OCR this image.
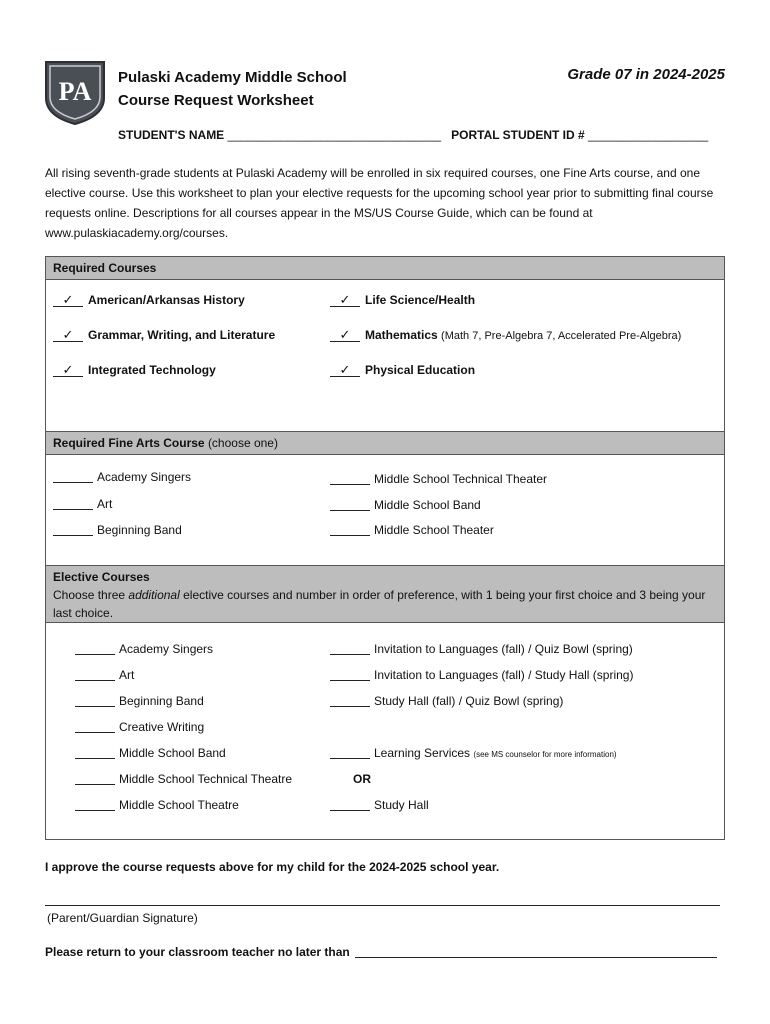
PA Pulaski Academy Middle School
Course Request Worksheet
Grade 07 in 2024-2025
STUDENT'S NAME ________________________________ PORTAL STUDENT ID # __________________
All rising seventh-grade students at Pulaski Academy will be enrolled in six required courses, one Fine Arts course, and one elective course. Use this worksheet to plan your elective requests for the upcoming school year prior to submitting final course requests online. Descriptions for all courses appear in the MS/US Course Guide, which can be found at www.pulaskiacademy.org/courses.
Required Courses
✓ American/Arkansas History
✓ Grammar, Writing, and Literature
✓ Integrated Technology
✓ Life Science/Health
✓ Mathematics (Math 7, Pre-Algebra 7, Accelerated Pre-Algebra)
✓ Physical Education
Required Fine Arts Course (choose one)
Academy Singers
Art
Beginning Band
Middle School Technical Theater
Middle School Band
Middle School Theater
Elective Courses
Choose three additional elective courses and number in order of preference, with 1 being your first choice and 3 being your last choice.
Academy Singers
Art
Beginning Band
Creative Writing
Middle School Band
Middle School Technical Theatre
Middle School Theatre
Invitation to Languages (fall) / Quiz Bowl (spring)
Invitation to Languages (fall) / Study Hall (spring)
Study Hall (fall) / Quiz Bowl (spring)
Learning Services (see MS counselor for more information)
OR
Study Hall
I approve the course requests above for my child for the 2024-2025 school year.
(Parent/Guardian Signature)
Please return to your classroom teacher no later than
